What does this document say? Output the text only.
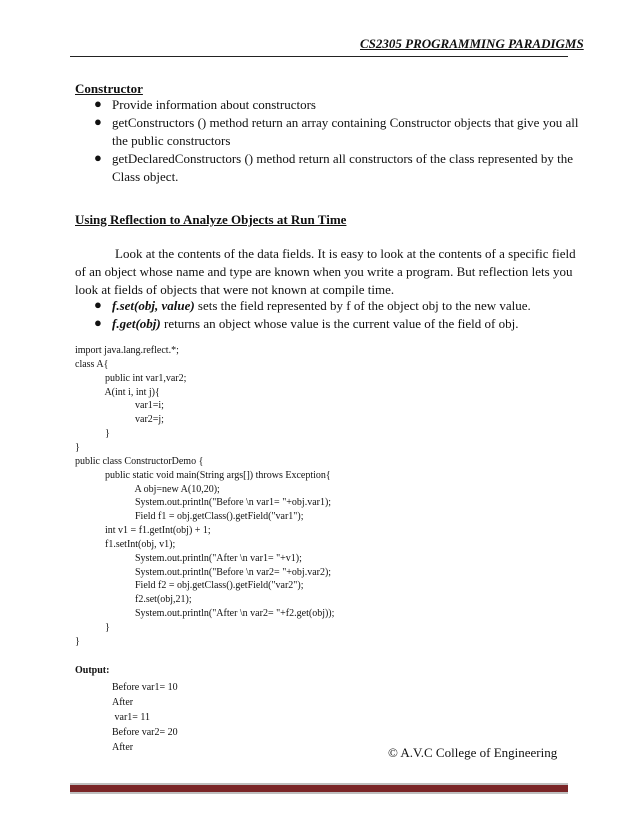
CS2305 PROGRAMMING PARADIGMS
Constructor
● Provide information about constructors
● getConstructors () method return an array containing Constructor objects that give you all
the public constructors
● getDeclaredConstructors () method return all constructors of the class represented by the
Class object.
Using Reflection to Analyze Objects at Run Time
Look at the contents of the data fields. It is easy to look at the contents of a specific field
of an object whose name and type are known when you write a program. But reflection lets you
look at fields of objects that were not known at compile time.
● f.set(obj, value) sets the field represented by f of the object obj to the new value.
● f.get(obj) returns an object whose value is the current value of the field of obj.
import java.lang.reflect.*;
class A{
public int var1,var2;
A(int i, int j){
var1=i;
var2=j;
}
}
public class ConstructorDemo {
public static void main(String args[]) throws Exception{
A obj=new A(10,20);
System.out.println("Before \n var1= "+obj.var1);
Field f1 = obj.getClass().getField("var1");
int v1 = f1.getInt(obj) + 1;
f1.setInt(obj, v1);
System.out.println("After \n var1= "+v1);
System.out.println("Before \n var2= "+obj.var2);
Field f2 = obj.getClass().getField("var2");
f2.set(obj,21);
System.out.println("After \n var2= "+f2.get(obj));
}
}
Output:
Before var1= 10
After
var1= 11
Before var2= 20
After	© A.V.C College of Engineering
